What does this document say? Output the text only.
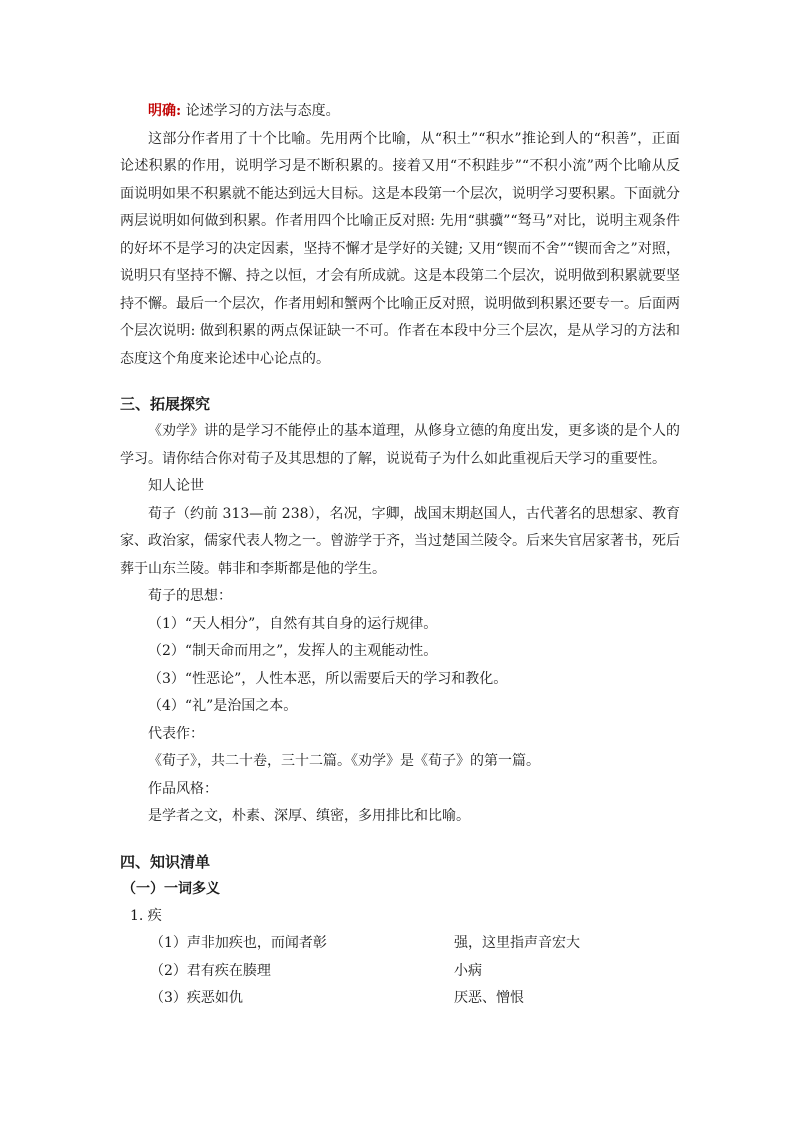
明确: 论述学习的方法与态度。

这部分作者用了十个比喻。先用两个比喻，从“积土”“积水”推论到人的“积善”，正面论述积累的作用，说明学习是不断积累的。接着又用“不积跬步”“不积小流”两个比喻从反面说明如果不积累就不能达到远大目标。这是本段第一个层次，说明学习要积累。下面就分两层说明如何做到积累。作者用四个比喻正反对照: 先用“骐骥”“驽马”对比，说明主观条件的好坏不是学习的决定因素，坚持不懈才是学好的关键; 又用“锲而不舍”“锲而舍之”对照，说明只有坚持不懈、持之以恒，才会有所成就。这是本段第二个层次，说明做到积累就要坚持不懈。最后一个层次，作者用蚓和蟹两个比喻正反对照，说明做到积累还要专一。后面两个层次说明: 做到积累的两点保证缺一不可。作者在本段中分三个层次，是从学习的方法和态度这个角度来论述中心论点的。

三、拓展探究

《劝学》讲的是学习不能停止的基本道理，从修身立德的角度出发，更多谈的是个人的学习。请你结合你对荀子及其思想的了解，说说荀子为什么如此重视后天学习的重要性。

知人论世

荀子（约前 313—前 238），名况，字卿，战国末期赵国人，古代著名的思想家、教育家、政治家，儒家代表人物之一。曾游学于齐，当过楚国兰陵令。后来失官居家著书，死后葬于山东兰陵。韩非和李斯都是他的学生。

荀子的思想：

（1）“天人相分”，自然有其自身的运行规律。

（2）“制天命而用之”，发挥人的主观能动性。

（3）“性恶论”，人性本恶，所以需要后天的学习和教化。

（4）“礼”是治国之本。

代表作：

《荀子》，共二十卷，三十二篇。《劝学》是《荀子》的第一篇。

作品风格：

是学者之文，朴素、深厚、缜密，多用排比和比喻。

四、知识清单

（一）一词多义

1. 疾

（1）声非加疾也，而闻者彰	强，这里指声音宏大
（2）君有疾在腠理	小病
（3）疾恶如仇	厌恶、憎恨
